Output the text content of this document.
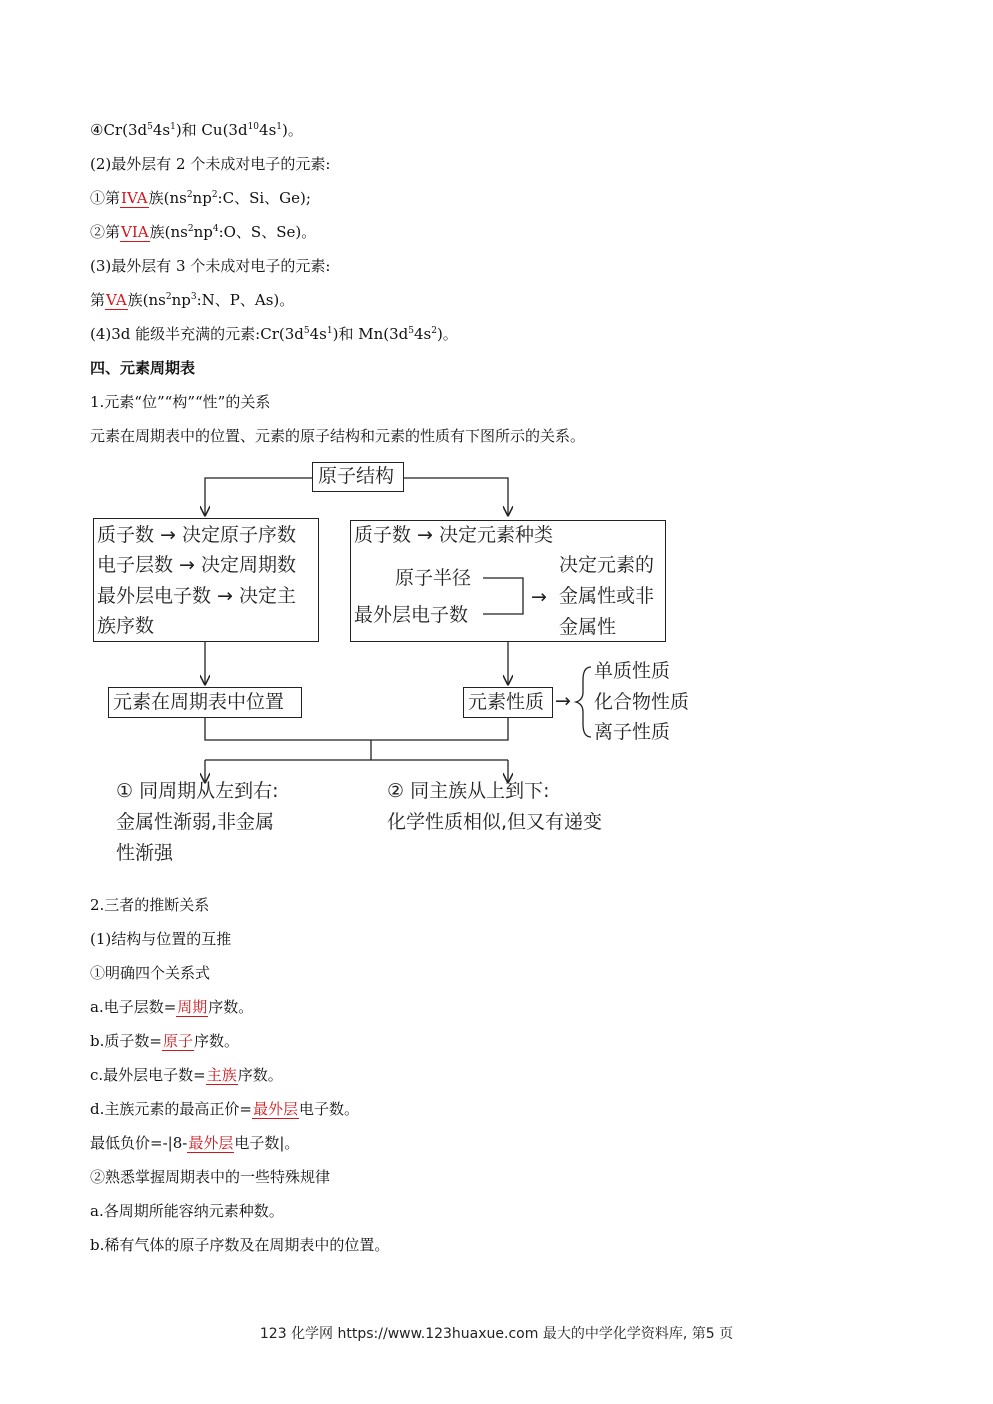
$④Cr(3d^54s^1)$和 $Cu(3d^{10}4s^1)$。
(2)最外层有 2 个未成对电子的元素:
①第IVA族($ns^2np^2:C$、Si、Ge);
②第VIA族($ns^2np^4:O$、S、Se)。
(3)最外层有 3 个未成对电子的元素:
第VA族($ns^2np^3:N$、P、As)。
(4)3d 能级半充满的元素$:Cr(3d^54s^1)$和 $Mn(3d^54s^2)$。
四、元素周期表
1.元素“位”“构”“性”的关系
元素在周期表中的位置、元素的原子结构和元素的性质有下图所示的关系。
原子结构
质子数 → 决定原子序数
电子层数 → 决定周期数
最外层电子数 → 决定主
族序数
质子数 → 决定元素种类
原子半径
最外层电子数
→
决定元素的
金属性或非
金属性
元素在周期表中位置	元素性质 →
单质性质
化合物性质
离子性质
① 同周期从左到右:
金属性渐弱,非金属
性渐强
② 同主族从上到下:
化学性质相似,但又有递变
2.三者的推断关系
(1)结构与位置的互推
①明确四个关系式
a.电子层数=周期序数。
b.质子数=原子序数。
c.最外层电子数=主族序数。
d.主族元素的最高正价=最外层电子数。
最低负价=-|8-最外层电子数|。
②熟悉掌握周期表中的一些特殊规律
a.各周期所能容纳元素种数。
b.稀有气体的原子序数及在周期表中的位置。
123 化学网 https://www.123huaxue.com 最大的中学化学资料库, 第5 页
